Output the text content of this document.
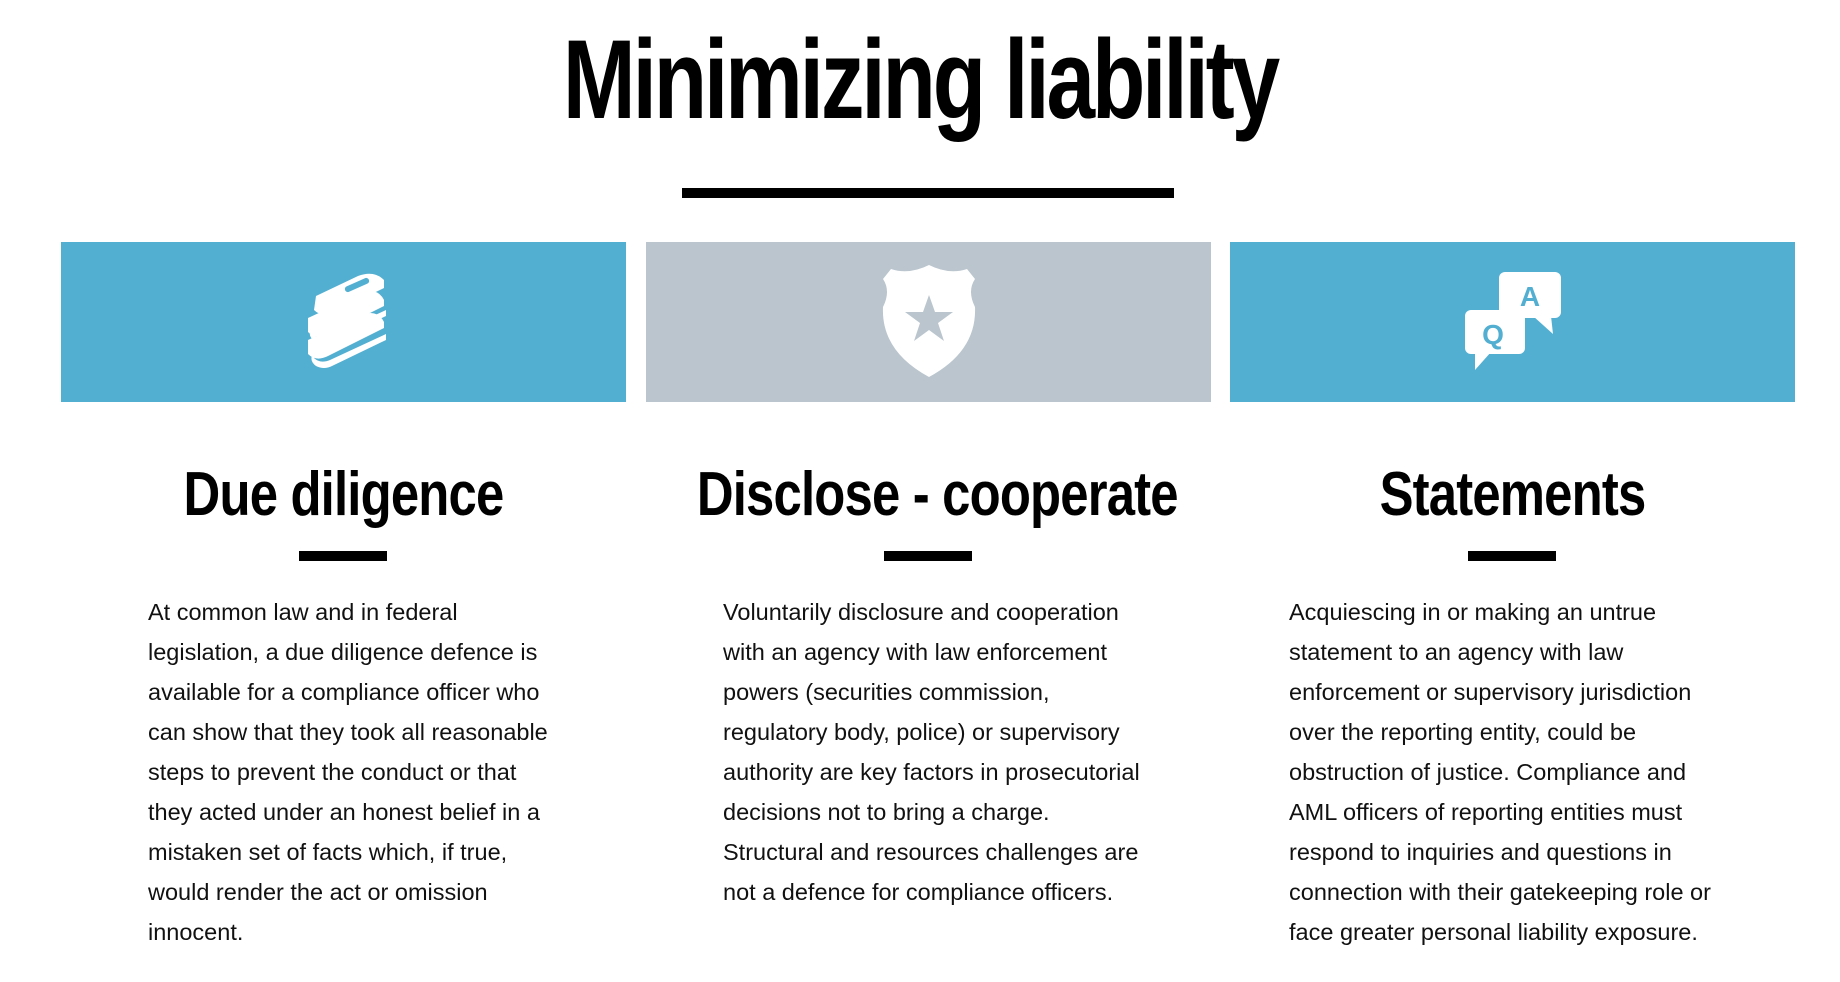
Minimizing liability
A
Q
Due diligence	Disclose - cooperate	Statements

At common law and in federal legislation, a due diligence defence is available for a compliance officer who can show that they took all reasonable steps to prevent the conduct or that they acted under an honest belief in a mistaken set of facts which, if true, would render the act or omission innocent.

Voluntarily disclosure and cooperation with an agency with law enforcement powers (securities commission, regulatory body, police) or supervisory authority are key factors in prosecutorial decisions not to bring a charge. Structural and resources challenges are not a defence for compliance officers.

Acquiescing in or making an untrue statement to an agency with law enforcement or supervisory jurisdiction over the reporting entity, could be obstruction of justice. Compliance and AML officers of reporting entities must respond to inquiries and questions in connection with their gatekeeping role or face greater personal liability exposure.
